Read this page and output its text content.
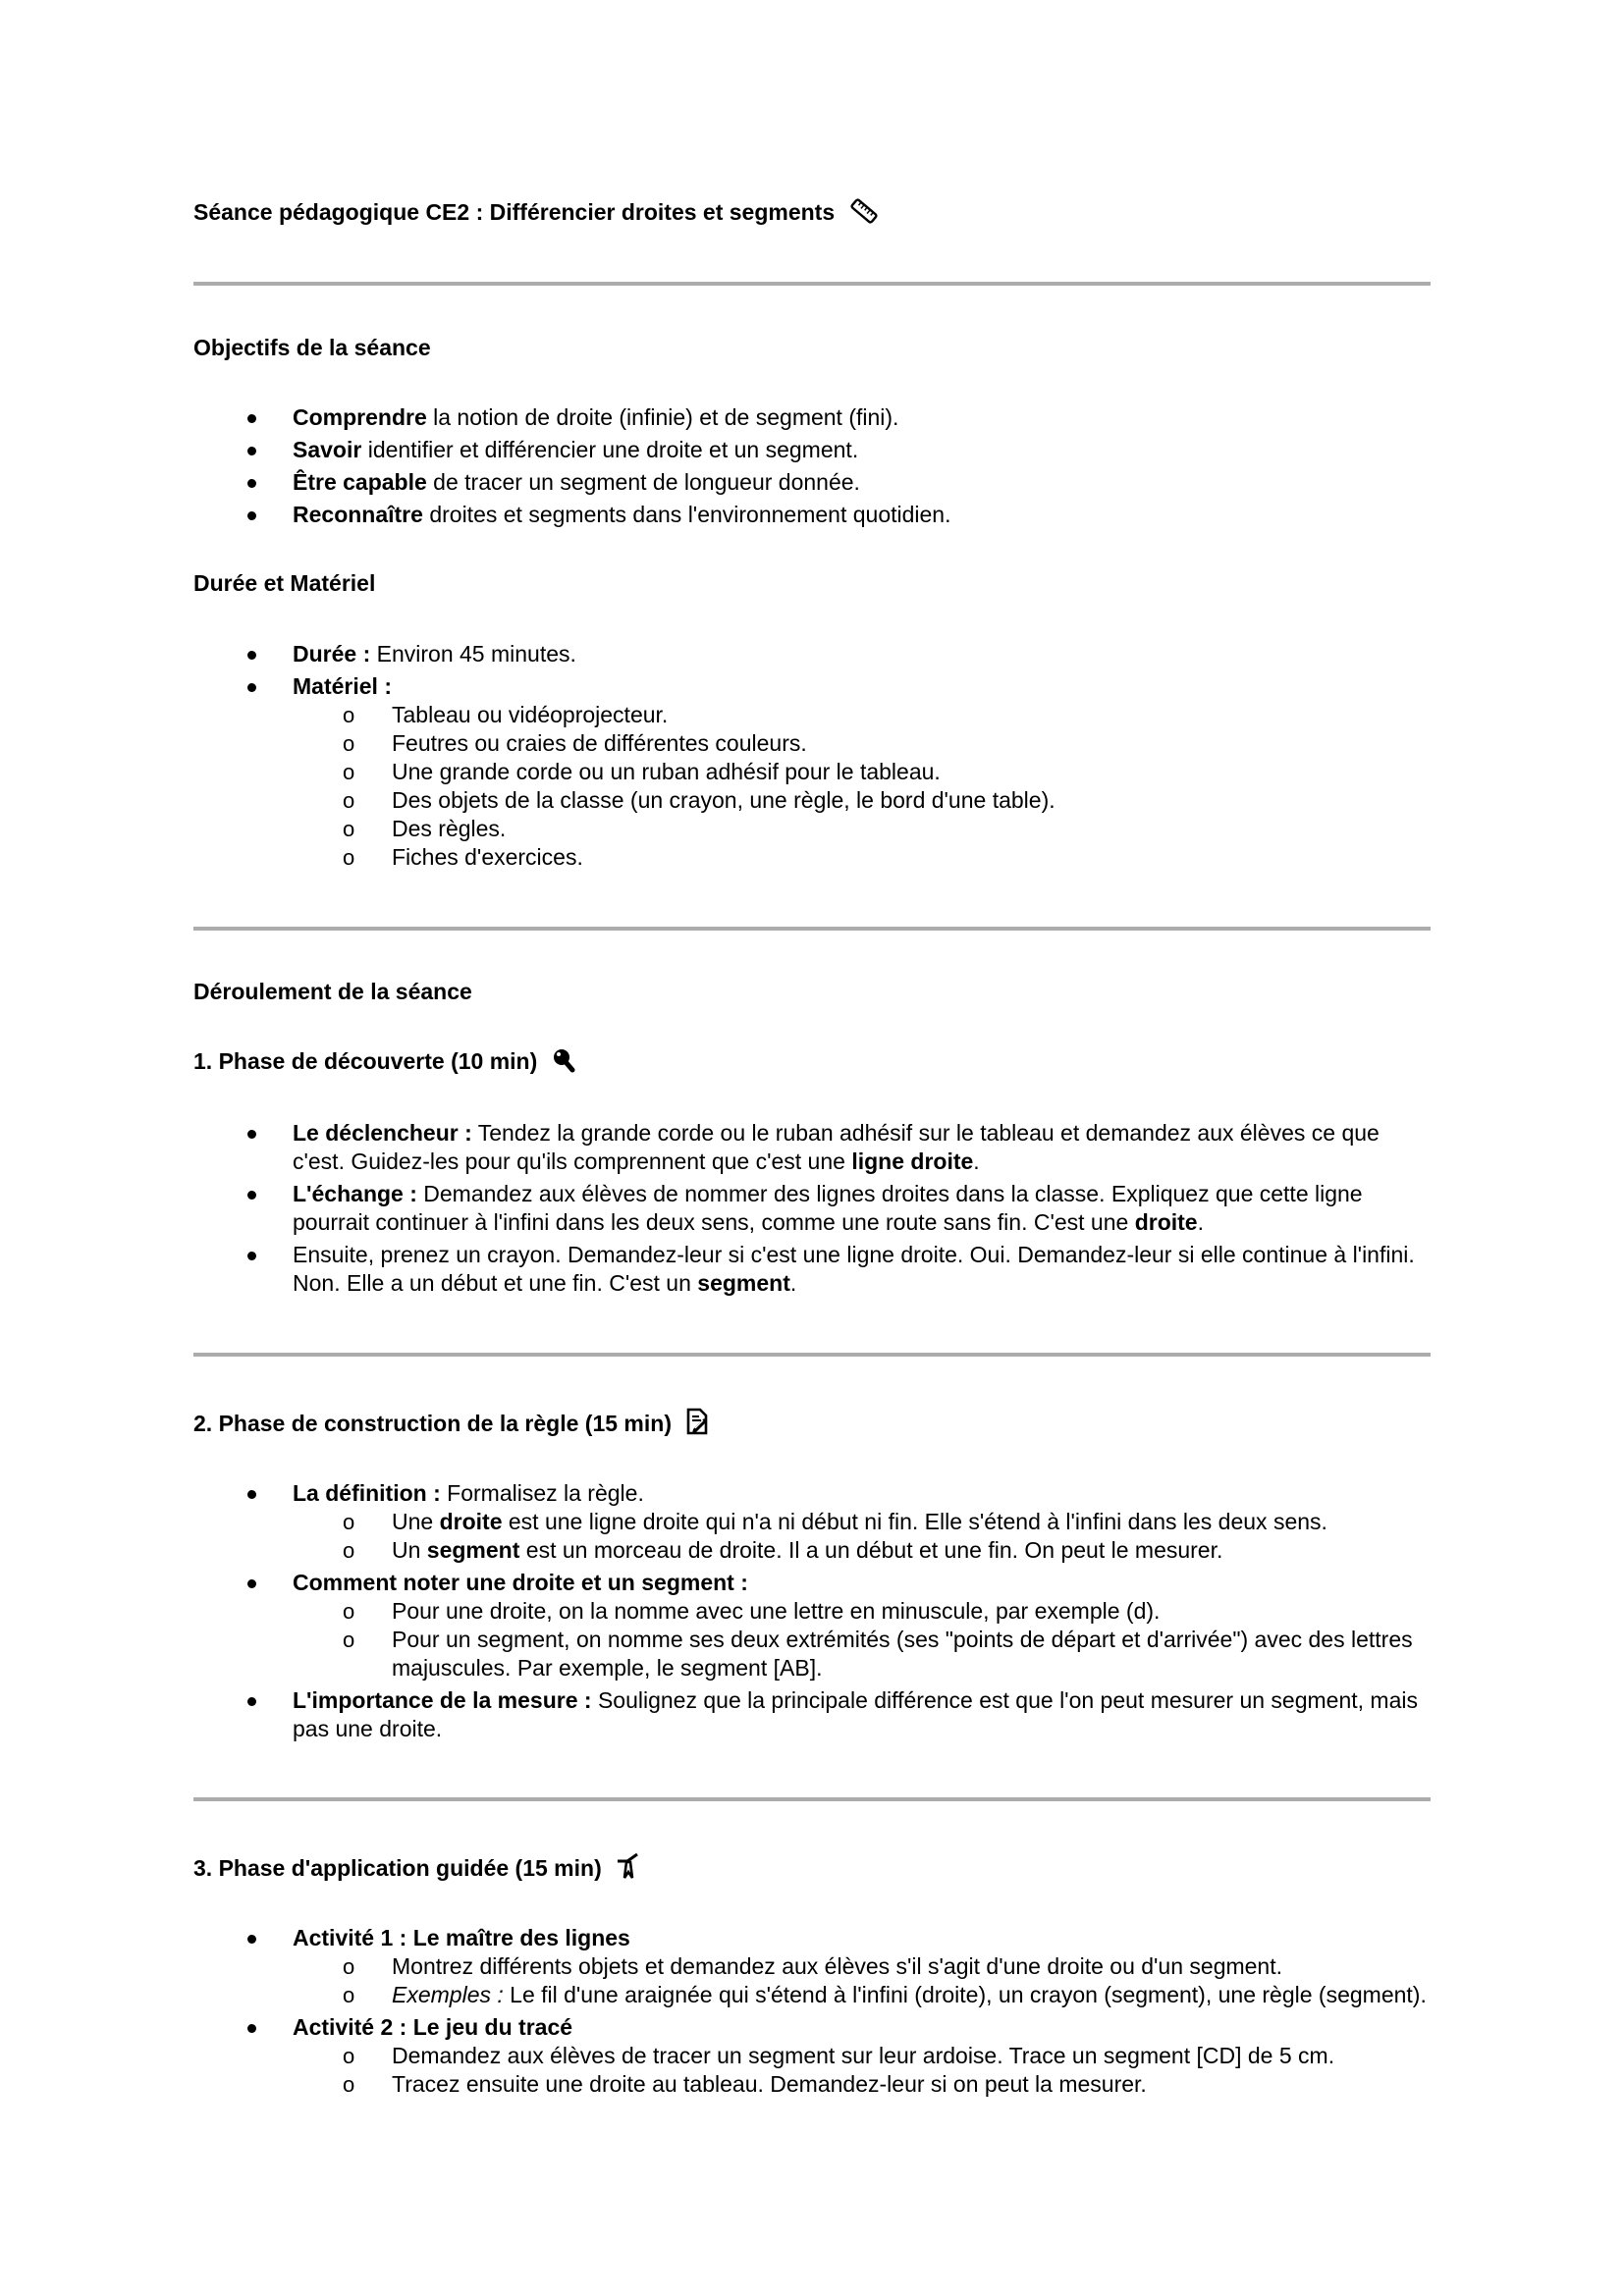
Séance pédagogique CE2 : Différencier droites et segments
Objectifs de la séance
Comprendre la notion de droite (infinie) et de segment (fini).
Savoir identifier et différencier une droite et un segment.
Être capable de tracer un segment de longueur donnée.
Reconnaître droites et segments dans l'environnement quotidien.
Durée et Matériel
Durée : Environ 45 minutes.
Matériel :
o Tableau ou vidéoprojecteur.
o Feutres ou craies de différentes couleurs.
o Une grande corde ou un ruban adhésif pour le tableau.
o Des objets de la classe (un crayon, une règle, le bord d'une table).
o Des règles.
o Fiches d'exercices.
Déroulement de la séance
1. Phase de découverte (10 min)
Le déclencheur : Tendez la grande corde ou le ruban adhésif sur le tableau et demandez aux élèves ce que c'est. Guidez-les pour qu'ils comprennent que c'est une ligne droite.
L'échange : Demandez aux élèves de nommer des lignes droites dans la classe. Expliquez que cette ligne pourrait continuer à l'infini dans les deux sens, comme une route sans fin. C'est une droite.
Ensuite, prenez un crayon. Demandez-leur si c'est une ligne droite. Oui. Demandez-leur si elle continue à l'infini. Non. Elle a un début et une fin. C'est un segment.
2. Phase de construction de la règle (15 min)
La définition : Formalisez la règle.
o Une droite est une ligne droite qui n'a ni début ni fin. Elle s'étend à l'infini dans les deux sens.
o Un segment est un morceau de droite. Il a un début et une fin. On peut le mesurer.
Comment noter une droite et un segment :
o Pour une droite, on la nomme avec une lettre en minuscule, par exemple (d).
o Pour un segment, on nomme ses deux extrémités (ses "points de départ et d'arrivée") avec des lettres majuscules. Par exemple, le segment [AB].
L'importance de la mesure : Soulignez que la principale différence est que l'on peut mesurer un segment, mais pas une droite.
3. Phase d'application guidée (15 min)
Activité 1 : Le maître des lignes
o Montrez différents objets et demandez aux élèves s'il s'agit d'une droite ou d'un segment.
o Exemples : Le fil d'une araignée qui s'étend à l'infini (droite), un crayon (segment), une règle (segment).
Activité 2 : Le jeu du tracé
o Demandez aux élèves de tracer un segment sur leur ardoise. Trace un segment [CD] de 5 cm.
o Tracez ensuite une droite au tableau. Demandez-leur si on peut la mesurer.
